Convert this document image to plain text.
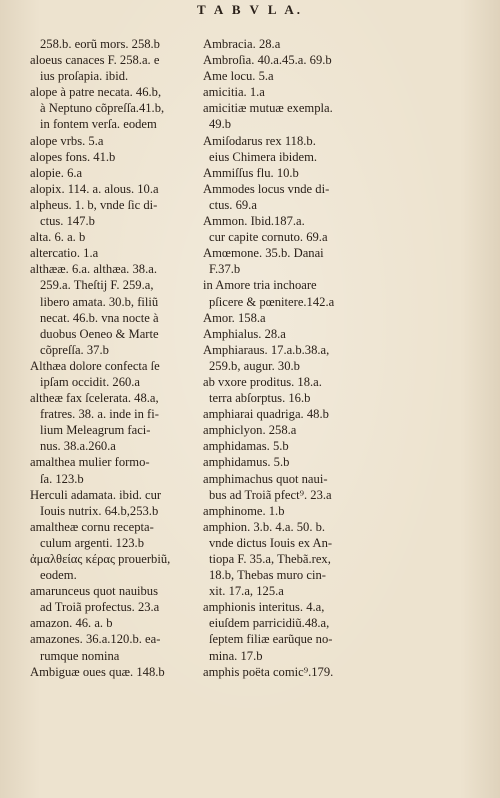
T A B V L A.
258.b. eorũ mors. 258.b
aloeus canaces F. 258.a. e
ius proſapia. ibid.
alope à patre necata. 46.b,
à Neptuno cõpreſſa.41.b,
in fontem verſa. eodem
alope vrbs. 5.a
alopes fons. 41.b
alopie. 6.a
alopix. 114. a. alous. 10.a
alpheus. 1. b, vnde ſic di-
ctus. 147.b
alta. 6. a. b
altercatio. 1.a
althææ. 6.a. althæa. 38.a.
259.a. Theſtij F. 259.a,
libero amata. 30.b, filiũ
necat. 46.b. vna nocte à
duobus Oeneo & Marte
cõpreſſa. 37.b
Althæa dolore confecta ſe
ipſam occidit. 260.a
altheæ fax ſcelerata. 48.a,
fratres. 38. a. inde in fi-
lium Meleagrum faci-
nus. 38.a.260.a
amalthea mulier formo-
ſa. 123.b
Herculi adamata. ibid. cur
Iouis nutrix. 64.b,253.b
amaltheæ cornu recepta-
culum argenti. 123.b
ἀμαλθείας κέρας prouerbiũ,
eodem.
amarunceus quot nauibus
ad Troiã profectus. 23.a
amazon. 46. a. b
amazones. 36.a.120.b. ea-
rumque nomina
Ambiguæ oues quæ. 148.b
Ambracia. 28.a
Ambroſia. 40.a.45.a. 69.b
Ame locu. 5.a
amicitia. 1.a
amicitiæ mutuæ exempla.
49.b
Amiſodarus rex 118.b.
eius Chimera ibidem.
Ammiſſus flu. 10.b
Ammodes locus vnde di-
ctus. 69.a
Ammon. Ibid.187.a.
cur capite cornuto. 69.a
Amœmone. 35.b. Danai
F.37.b
in Amore tria inchoare
pſicere & pœnitere.142.a
Amor. 158.a
Amphialus. 28.a
Amphiaraus. 17.a.b.38.a,
259.b, augur. 30.b
ab vxore proditus. 18.a.
terra abſorptus. 16.b
amphiarai quadriga. 48.b
amphiclyon. 258.a
amphidamas. 5.b
amphidamus. 5.b
amphimachus quot naui-
bus ad Troiã pfect⁹. 23.a
amphinome. 1.b
amphion. 3.b. 4.a. 50. b.
vnde dictus Iouis ex An-
tiopa F. 35.a, Thebã.rex,
18.b, Thebas muro cin-
xit. 17.a, 125.a
amphionis interitus. 4.a,
eiuſdem parricidiũ.48.a,
ſeptem filiæ earũque no-
mina. 17.b
amphis poëta comic⁹.179.
